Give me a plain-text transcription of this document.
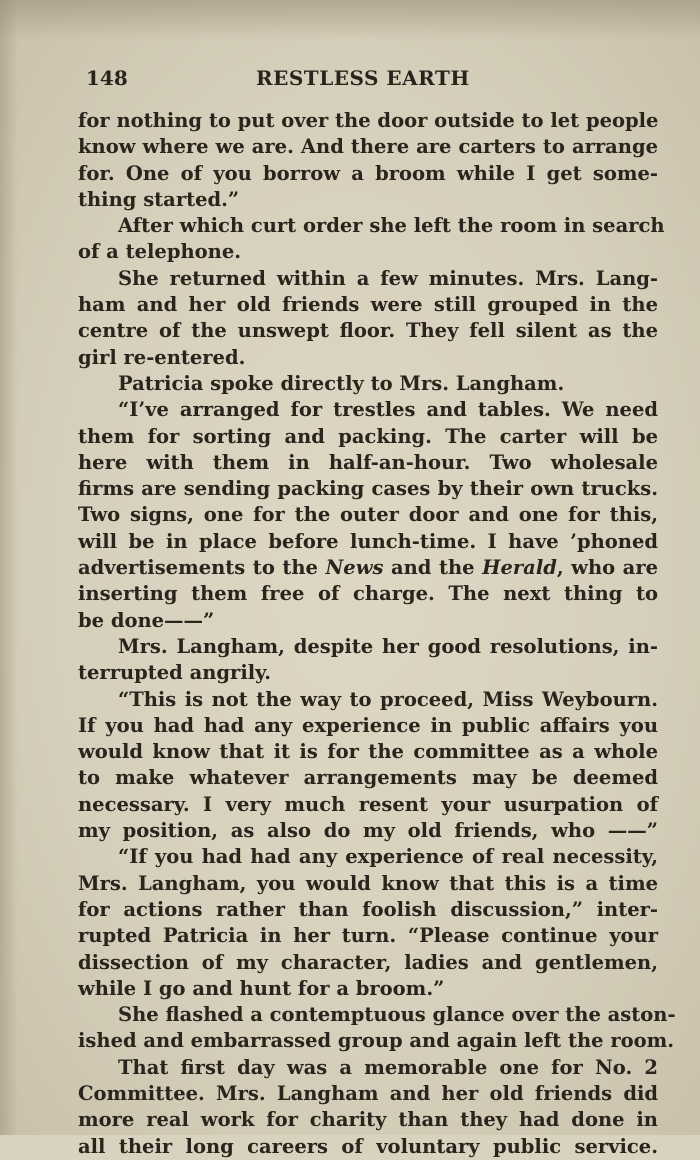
148	RESTLESS EARTH
for nothing to put over the door outside to let people
know where we are. And there are carters to arrange
for. One of you borrow a broom while I get some-
thing started.”
After which curt order she left the room in search
of a telephone.
She returned within a few minutes. Mrs. Lang-
ham and her old friends were still grouped in the
centre of the unswept floor. They fell silent as the
girl re-entered.
Patricia spoke directly to Mrs. Langham.
“I’ve arranged for trestles and tables. We need
them for sorting and packing. The carter will be
here with them in half-an-hour. Two wholesale
firms are sending packing cases by their own trucks.
Two signs, one for the outer door and one for this,
will be in place before lunch-time. I have ’phoned
advertisements to the News and the Herald, who are
inserting them free of charge. The next thing to
be done——”
Mrs. Langham, despite her good resolutions, in-
terrupted angrily.
“This is not the way to proceed, Miss Weybourn.
If you had had any experience in public affairs you
would know that it is for the committee as a whole
to make whatever arrangements may be deemed
necessary. I very much resent your usurpation of
my position, as also do my old friends, who ——”
“If you had had any experience of real necessity,
Mrs. Langham, you would know that this is a time
for actions rather than foolish discussion,” inter-
rupted Patricia in her turn. “Please continue your
dissection of my character, ladies and gentlemen,
while I go and hunt for a broom.”
She flashed a contemptuous glance over the aston-
ished and embarrassed group and again left the room.
That first day was a memorable one for No. 2
Committee. Mrs. Langham and her old friends did
more real work for charity than they had done in
all their long careers of voluntary public service.
